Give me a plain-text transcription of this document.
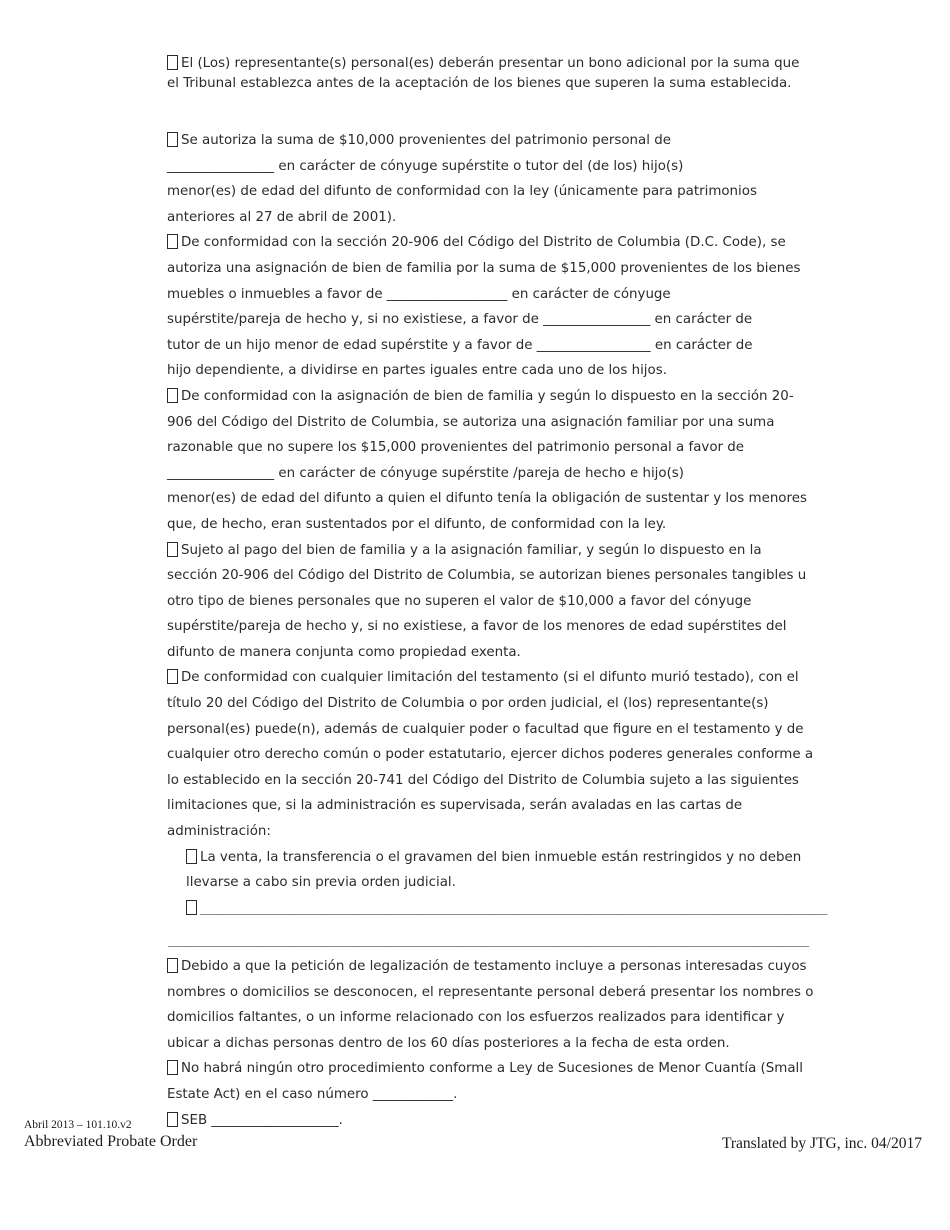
El (Los) representante(s) personal(es) deberán presentar un bono adicional por la suma que
el Tribunal establezca antes de la aceptación de los bienes que superen la suma establecida.
Se autoriza la suma de $10,000 provenientes del patrimonio personal de
________________ en carácter de cónyuge supérstite o tutor del (de los) hijo(s)
menor(es) de edad del difunto de conformidad con la ley (únicamente para patrimonios
anteriores al 27 de abril de 2001).
De conformidad con la sección 20-906 del Código del Distrito de Columbia (D.C. Code), se
autoriza una asignación de bien de familia por la suma de $15,000 provenientes de los bienes
muebles o inmuebles a favor de __________________ en carácter de cónyuge
supérstite/pareja de hecho y, si no existiese, a favor de ________________ en carácter de
tutor de un hijo menor de edad supérstite y a favor de _________________ en carácter de
hijo dependiente, a dividirse en partes iguales entre cada uno de los hijos.
De conformidad con la asignación de bien de familia y según lo dispuesto en la sección 20-
906 del Código del Distrito de Columbia, se autoriza una asignación familiar por una suma
razonable que no supere los $15,000 provenientes del patrimonio personal a favor de
________________ en carácter de cónyuge supérstite /pareja de hecho e hijo(s)
menor(es) de edad del difunto a quien el difunto tenía la obligación de sustentar y los menores
que, de hecho, eran sustentados por el difunto, de conformidad con la ley.
Sujeto al pago del bien de familia y a la asignación familiar, y según lo dispuesto en la
sección 20-906 del Código del Distrito de Columbia, se autorizan bienes personales tangibles u
otro tipo de bienes personales que no superen el valor de $10,000 a favor del cónyuge
supérstite/pareja de hecho y, si no existiese, a favor de los menores de edad supérstites del
difunto de manera conjunta como propiedad exenta.
De conformidad con cualquier limitación del testamento (si el difunto murió testado), con el
título 20 del Código del Distrito de Columbia o por orden judicial, el (los) representante(s)
personal(es) puede(n), además de cualquier poder o facultad que figure en el testamento y de
cualquier otro derecho común o poder estatutario, ejercer dichos poderes generales conforme a
lo establecido en la sección 20-741 del Código del Distrito de Columbia sujeto a las siguientes
limitaciones que, si la administración es supervisada, serán avaladas en las cartas de
administración:
La venta, la transferencia o el gravamen del bien inmueble están restringidos y no deben
llevarse a cabo sin previa orden judicial.
___________________________________________________________________________________________
_____________________________________________________________________________________________
Debido a que la petición de legalización de testamento incluye a personas interesadas cuyos
nombres o domicilios se desconocen, el representante personal deberá presentar los nombres o
domicilios faltantes, o un informe relacionado con los esfuerzos realizados para identificar y
ubicar a dichas personas dentro de los 60 días posteriores a la fecha de esta orden.
No habrá ningún otro procedimiento conforme a Ley de Sucesiones de Menor Cuantía (Small
Estate Act) en el caso número ____________.
SEB ___________________.
Abril 2013 – 101.10.v2
Abbreviated Probate Order	Translated by JTG, inc. 04/2017
